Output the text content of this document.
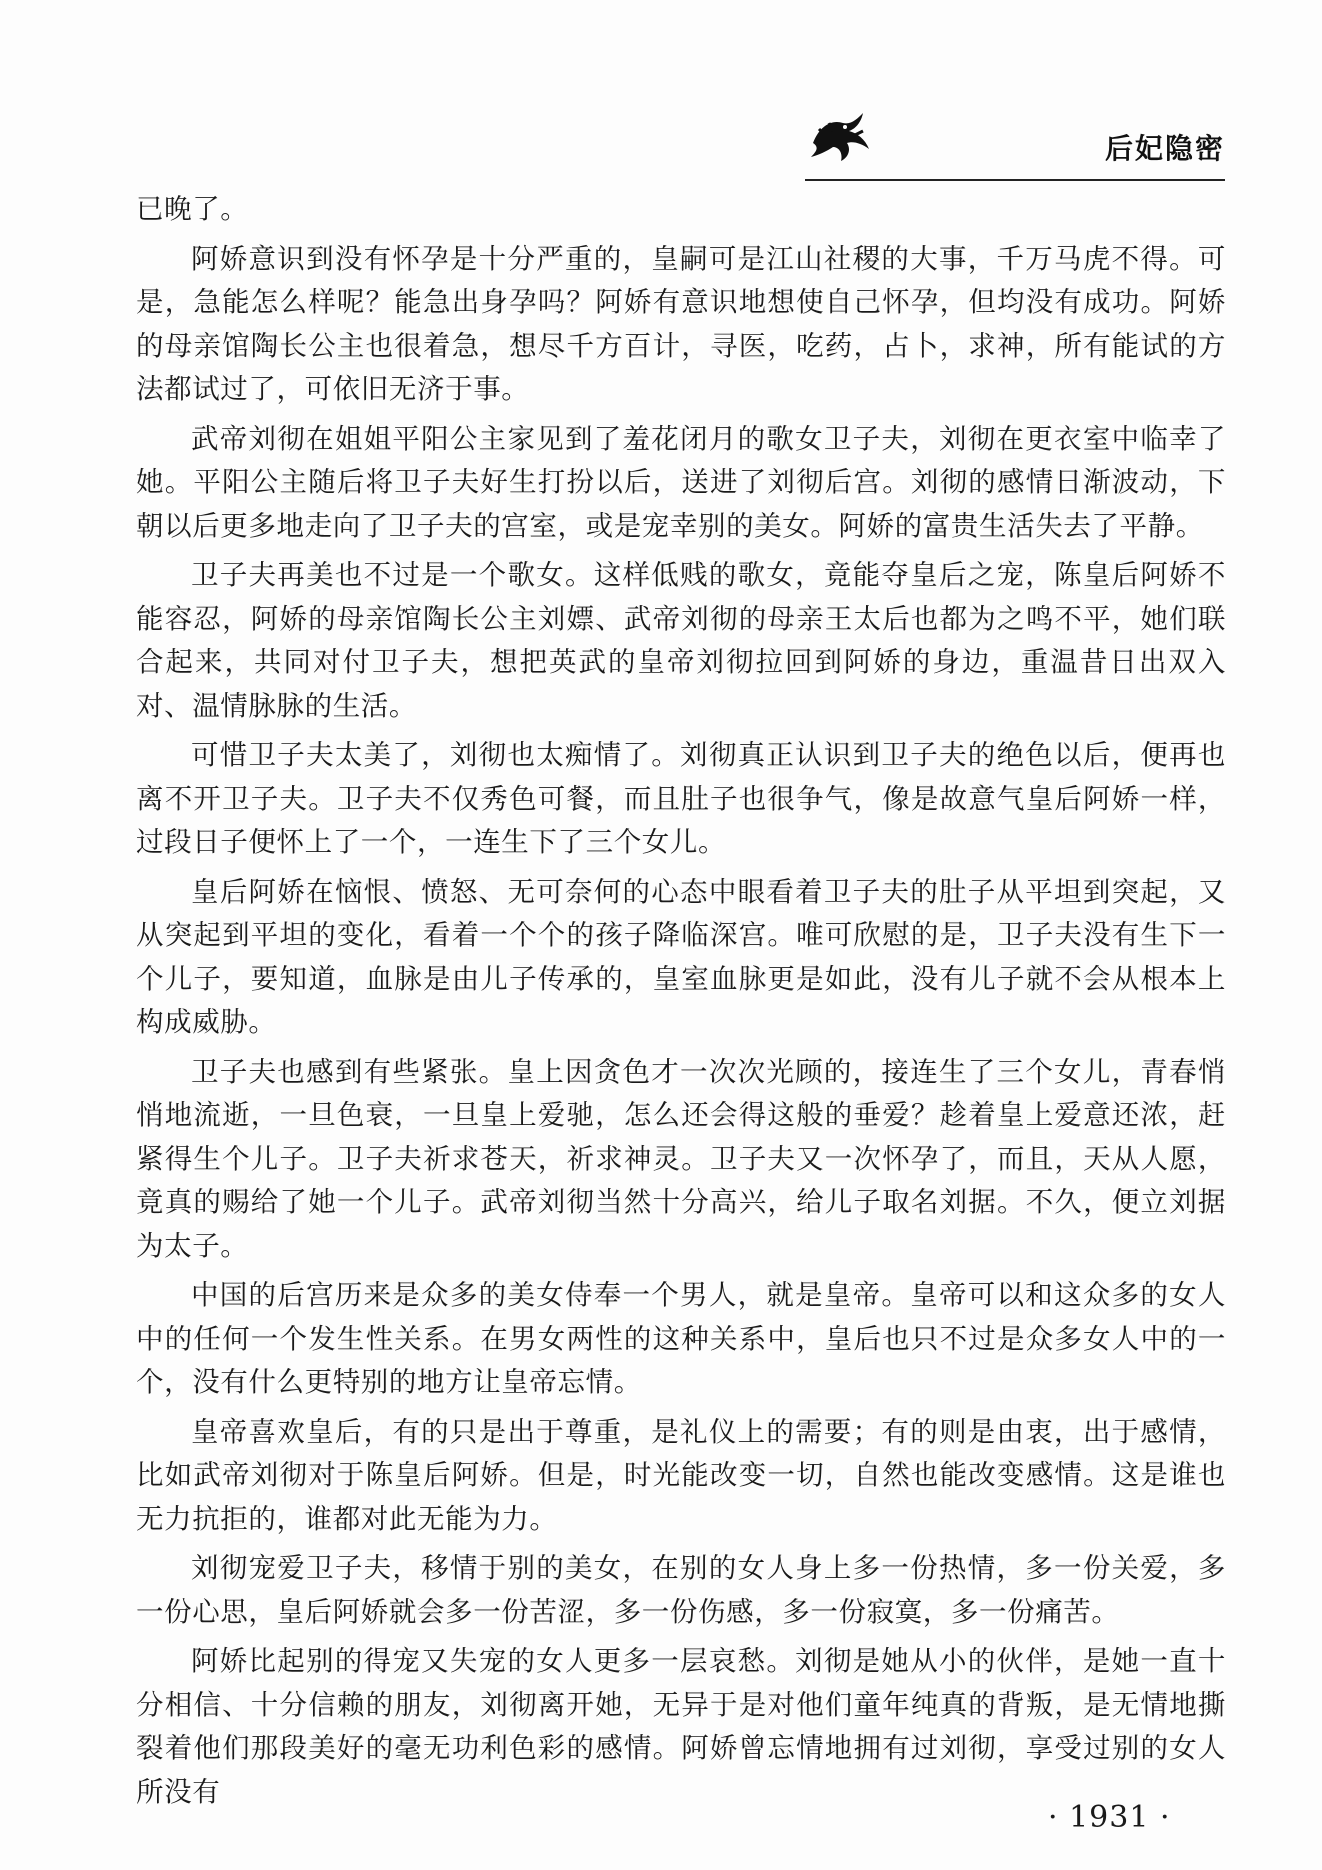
后妃隐密

已晚了。

阿娇意识到没有怀孕是十分严重的，皇嗣可是江山社稷的大事，千万马虎不得。可是，急能怎么样呢？能急出身孕吗？阿娇有意识地想使自己怀孕，但均没有成功。阿娇的母亲馆陶长公主也很着急，想尽千方百计，寻医，吃药，占卜，求神，所有能试的方法都试过了，可依旧无济于事。

武帝刘彻在姐姐平阳公主家见到了羞花闭月的歌女卫子夫，刘彻在更衣室中临幸了她。平阳公主随后将卫子夫好生打扮以后，送进了刘彻后宫。刘彻的感情日渐波动，下朝以后更多地走向了卫子夫的宫室，或是宠幸别的美女。阿娇的富贵生活失去了平静。

卫子夫再美也不过是一个歌女。这样低贱的歌女，竟能夺皇后之宠，陈皇后阿娇不能容忍，阿娇的母亲馆陶长公主刘嫖、武帝刘彻的母亲王太后也都为之鸣不平，她们联合起来，共同对付卫子夫，想把英武的皇帝刘彻拉回到阿娇的身边，重温昔日出双入对、温情脉脉的生活。

可惜卫子夫太美了，刘彻也太痴情了。刘彻真正认识到卫子夫的绝色以后，便再也离不开卫子夫。卫子夫不仅秀色可餐，而且肚子也很争气，像是故意气皇后阿娇一样，过段日子便怀上了一个，一连生下了三个女儿。

皇后阿娇在恼恨、愤怒、无可奈何的心态中眼看着卫子夫的肚子从平坦到突起，又从突起到平坦的变化，看着一个个的孩子降临深宫。唯可欣慰的是，卫子夫没有生下一个儿子，要知道，血脉是由儿子传承的，皇室血脉更是如此，没有儿子就不会从根本上构成威胁。

卫子夫也感到有些紧张。皇上因贪色才一次次光顾的，接连生了三个女儿，青春悄悄地流逝，一旦色衰，一旦皇上爱驰，怎么还会得这般的垂爱？趁着皇上爱意还浓，赶紧得生个儿子。卫子夫祈求苍天，祈求神灵。卫子夫又一次怀孕了，而且，天从人愿，竟真的赐给了她一个儿子。武帝刘彻当然十分高兴，给儿子取名刘据。不久，便立刘据为太子。

中国的后宫历来是众多的美女侍奉一个男人，就是皇帝。皇帝可以和这众多的女人中的任何一个发生性关系。在男女两性的这种关系中，皇后也只不过是众多女人中的一个，没有什么更特别的地方让皇帝忘情。

皇帝喜欢皇后，有的只是出于尊重，是礼仪上的需要；有的则是由衷，出于感情，比如武帝刘彻对于陈皇后阿娇。但是，时光能改变一切，自然也能改变感情。这是谁也无力抗拒的，谁都对此无能为力。

刘彻宠爱卫子夫，移情于别的美女，在别的女人身上多一份热情，多一份关爱，多一份心思，皇后阿娇就会多一份苦涩，多一份伤感，多一份寂寞，多一份痛苦。

阿娇比起别的得宠又失宠的女人更多一层哀愁。刘彻是她从小的伙伴，是她一直十分相信、十分信赖的朋友，刘彻离开她，无异于是对他们童年纯真的背叛，是无情地撕裂着他们那段美好的毫无功利色彩的感情。阿娇曾忘情地拥有过刘彻，享受过别的女人所没有

· 1931 ·
